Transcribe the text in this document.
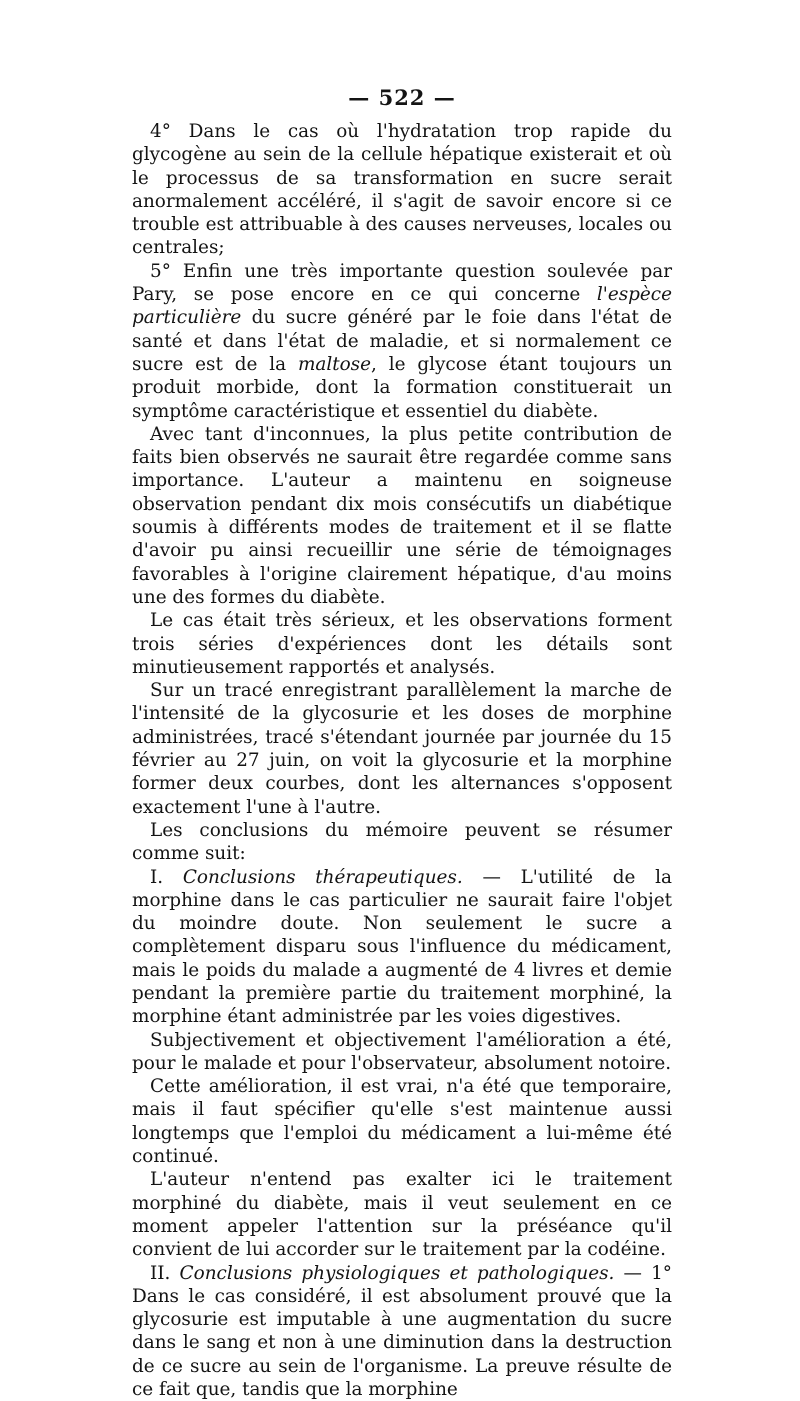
— 522 —

4° Dans le cas où l'hydratation trop rapide du glycogène au sein de la cellule hépatique existerait et où le processus de sa transformation en sucre serait anormalement accéléré, il s'agit de savoir encore si ce trouble est attribuable à des causes nerveuses, locales ou centrales;

5° Enfin une très importante question soulevée par Pary, se pose encore en ce qui concerne l'espèce particulière du sucre généré par le foie dans l'état de santé et dans l'état de maladie, et si normalement ce sucre est de la maltose, le glycose étant toujours un produit morbide, dont la formation constituerait un symptôme caractéristique et essentiel du diabète.

Avec tant d'inconnues, la plus petite contribution de faits bien observés ne saurait être regardée comme sans importance. L'auteur a maintenu en soigneuse observation pendant dix mois consécutifs un diabétique soumis à différents modes de traitement et il se flatte d'avoir pu ainsi recueillir une série de témoignages favorables à l'origine clairement hépatique, d'au moins une des formes du diabète.

Le cas était très sérieux, et les observations forment trois séries d'expériences dont les détails sont minutieusement rapportés et analysés.

Sur un tracé enregistrant parallèlement la marche de l'intensité de la glycosurie et les doses de morphine administrées, tracé s'étendant journée par journée du 15 février au 27 juin, on voit la glycosurie et la morphine former deux courbes, dont les alternances s'opposent exactement l'une à l'autre.

Les conclusions du mémoire peuvent se résumer comme suit:

I. Conclusions thérapeutiques. — L'utilité de la morphine dans le cas particulier ne saurait faire l'objet du moindre doute. Non seulement le sucre a complètement disparu sous l'influence du médicament, mais le poids du malade a augmenté de 4 livres et demie pendant la première partie du traitement morphiné, la morphine étant administrée par les voies digestives.

Subjectivement et objectivement l'amélioration a été, pour le malade et pour l'observateur, absolument notoire.

Cette amélioration, il est vrai, n'a été que temporaire, mais il faut spécifier qu'elle s'est maintenue aussi longtemps que l'emploi du médicament a lui-même été continué.

L'auteur n'entend pas exalter ici le traitement morphiné du diabète, mais il veut seulement en ce moment appeler l'attention sur la préséance qu'il convient de lui accorder sur le traitement par la codéine.

II. Conclusions physiologiques et pathologiques. — 1° Dans le cas considéré, il est absolument prouvé que la glycosurie est imputable à une augmentation du sucre dans le sang et non à une diminution dans la destruction de ce sucre au sein de l'organisme. La preuve résulte de ce fait que, tandis que la morphine
